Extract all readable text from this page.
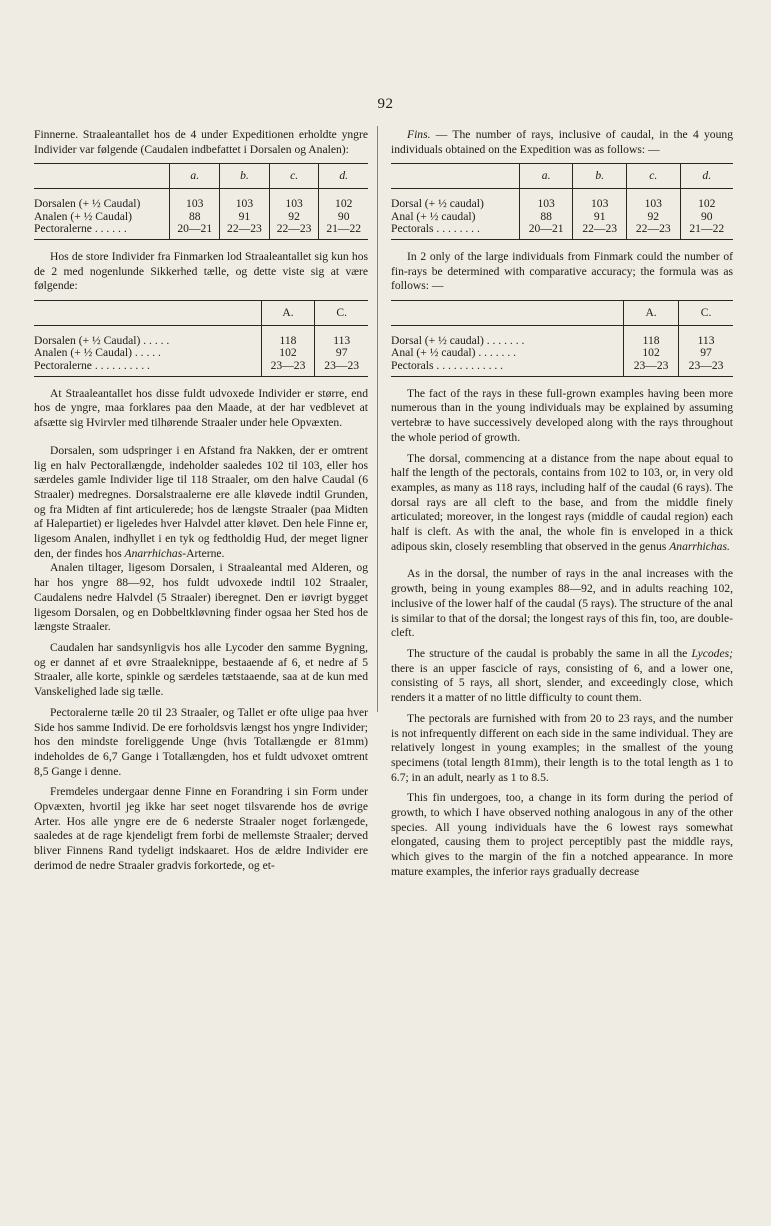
92

Finnerne. Straaleantallet hos de 4 under Expeditionen erholdte yngre Individer var følgende (Caudalen indbefattet i Dorsalen og Analen):

	a.	b.	c.	d.
Dorsalen (+ ½ Caudal)	103	103	103	102
Analen (+ ½ Caudal)	88	91	92	90
Pectoralerne . . . . . .	20—21	22—23	22—23	21—22

Hos de store Individer fra Finmarken lod Straaleantallet sig kun hos de 2 med nogenlunde Sikkerhed tælle, og dette viste sig at være følgende:

	A.	C.
Dorsalen (+ ½ Caudal) . . . . .	118	113
Analen (+ ½ Caudal) . . . . .	102	97
Pectoralerne . . . . . . . . . .	23—23	23—23

At Straaleantallet hos disse fuldt udvoxede Individer er større, end hos de yngre, maa forklares paa den Maade, at der har vedblevet at afsætte sig Hvirvler med tilhørende Straaler under hele Opvæxten.

Dorsalen, som udspringer i en Afstand fra Nakken, der er omtrent lig en halv Pectorallængde, indeholder saaledes 102 til 103, eller hos særdeles gamle Individer lige til 118 Straaler, om den halve Caudal (6 Straaler) medregnes. Dorsalstraalerne ere alle kløvede indtil Grunden, og fra Midten af fint articulerede; hos de længste Straaler (paa Midten af Halepartiet) er ligeledes hver Halvdel atter kløvet. Den hele Finne er, ligesom Analen, indhyllet i en tyk og fedtholdig Hud, der meget ligner den, der findes hos Anarrhichas-Arterne.

Analen tiltager, ligesom Dorsalen, i Straaleantal med Alderen, og har hos yngre 88—92, hos fuldt udvoxede indtil 102 Straaler, Caudalens nedre Halvdel (5 Straaler) iberegnet. Den er iøvrigt bygget ligesom Dorsalen, og en Dobbeltkløvning finder ogsaa her Sted hos de længste Straaler.

Caudalen har sandsynligvis hos alle Lycoder den samme Bygning, og er dannet af et øvre Straaleknippe, bestaaende af 6, et nedre af 5 Straaler, alle korte, spinkle og særdeles tætstaaende, saa at de kun med Vanskelighed lade sig tælle.

Pectoralerne tælle 20 til 23 Straaler, og Tallet er ofte ulige paa hver Side hos samme Individ. De ere forholdsvis længst hos yngre Individer; hos den mindste foreliggende Unge (hvis Totallængde er 81mm) indeholdes de 6,7 Gange i Totallængden, hos et fuldt udvoxet omtrent 8,5 Gange i denne.

Fremdeles undergaar denne Finne en Forandring i sin Form under Opvæxten, hvortil jeg ikke har seet noget tilsvarende hos de øvrige Arter. Hos alle yngre ere de 6 nederste Straaler noget forlængede, saaledes at de rage kjendeligt frem forbi de mellemste Straaler; derved bliver Finnens Rand tydeligt indskaaret. Hos de ældre Individer ere derimod de nedre Straaler gradvis forkortede, og et-

Fins. — The number of rays, inclusive of caudal, in the 4 young individuals obtained on the Expedition was as follows: —

	a.	b.	c.	d.
Dorsal (+ ½ caudal)	103	103	103	102
Anal (+ ½ caudal)	88	91	92	90
Pectorals . . . . . . . .	20—21	22—23	22—23	21—22

In 2 only of the large individuals from Finmark could the number of fin-rays be determined with comparative accuracy; the formula was as follows: —

	A.	C.
Dorsal (+ ½ caudal) . . . . . . .	118	113
Anal (+ ½ caudal) . . . . . . .	102	97
Pectorals . . . . . . . . . . . .	23—23	23—23

The fact of the rays in these full-grown examples having been more numerous than in the young individuals may be explained by assuming vertebræ to have successively developed along with the rays throughout the whole period of growth.

The dorsal, commencing at a distance from the nape about equal to half the length of the pectorals, contains from 102 to 103, or, in very old examples, as many as 118 rays, including half of the caudal (6 rays). The dorsal rays are all cleft to the base, and from the middle finely articulated; moreover, in the longest rays (middle of caudal region) each half is cleft. As with the anal, the whole fin is enveloped in a thick adipous skin, closely resembling that observed in the genus Anarrhichas.

As in the dorsal, the number of rays in the anal increases with the growth, being in young examples 88—92, and in adults reaching 102, inclusive of the lower half of the caudal (5 rays). The structure of the anal is similar to that of the dorsal; the longest rays of this fin, too, are double-cleft.

The structure of the caudal is probably the same in all the Lycodes; there is an upper fascicle of rays, consisting of 6, and a lower one, consisting of 5 rays, all short, slender, and exceedingly close, which renders it a matter of no little difficulty to count them.

The pectorals are furnished with from 20 to 23 rays, and the number is not infrequently different on each side in the same individual. They are relatively longest in young examples; in the smallest of the young specimens (total length 81mm), their length is to the total length as 1 to 6.7; in an adult, nearly as 1 to 8.5.

This fin undergoes, too, a change in its form during the period of growth, to which I have observed nothing analogous in any of the other species. All young individuals have the 6 lowest rays somewhat elongated, causing them to project perceptibly past the middle rays, which gives to the margin of the fin a notched appearance. In more mature examples, the inferior rays gradually decrease
